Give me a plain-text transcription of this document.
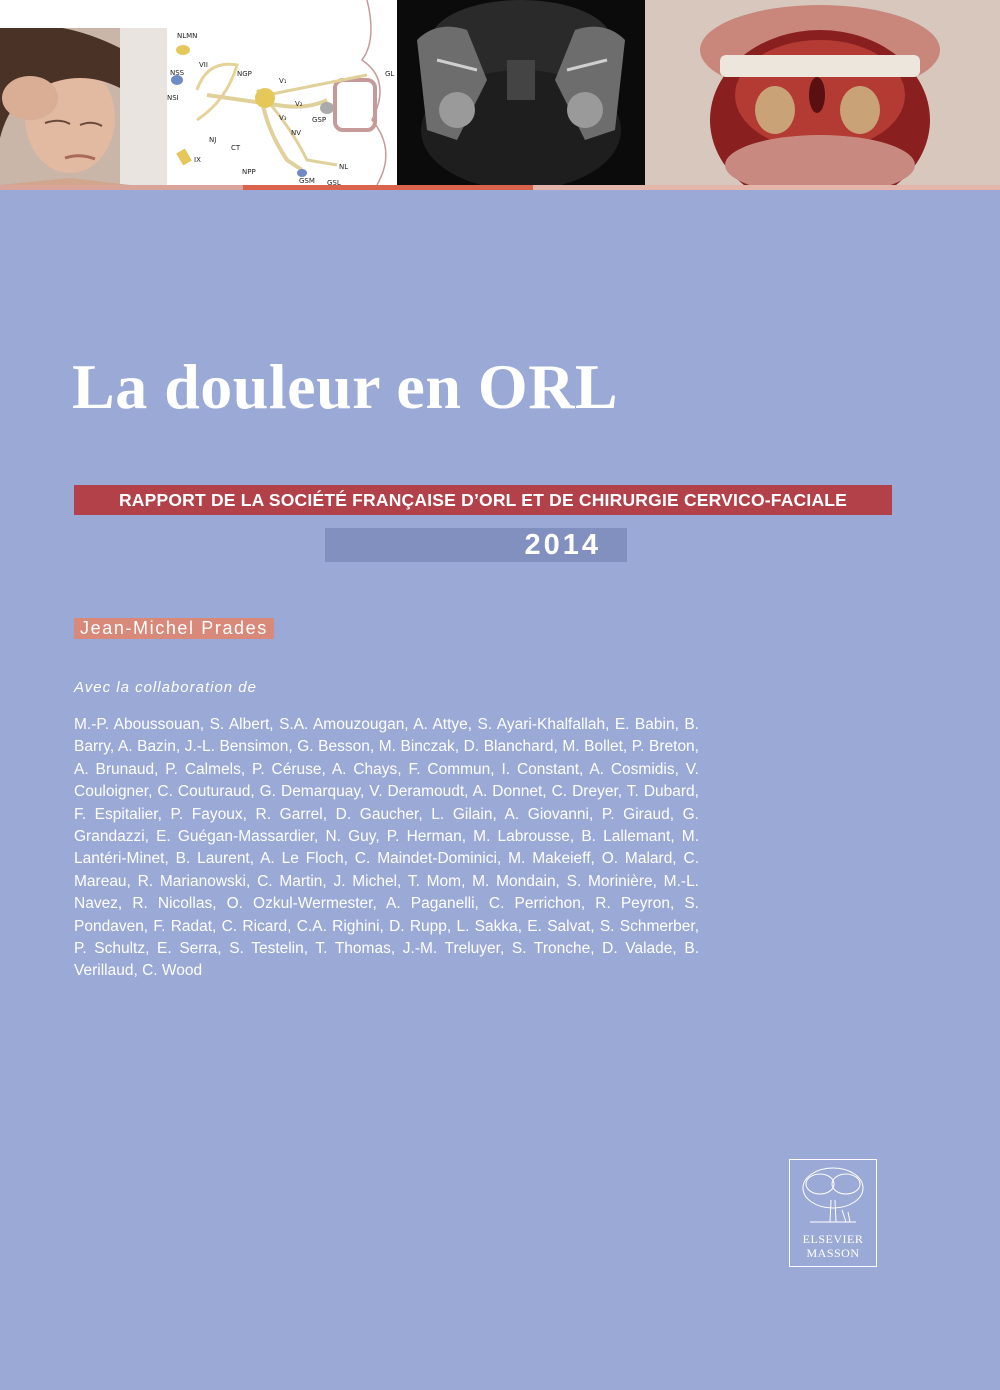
NLMN
NSS
NSI
VII
NGP
V₁
V₂
V₃
GL
GSP
NJ
CT
NV
IX
NPP
NL
GSM GSL
La douleur en ORL
RAPPORT DE LA SOCIÉTÉ FRANÇAISE D’ORL ET DE CHIRURGIE CERVICO-FACIALE
2014
Jean-Michel Prades

Avec la collaboration de

M.-P. Aboussouan, S. Albert, S.A. Amouzougan, A. Attye, S. Ayari-Khalfallah, E. Babin, B. Barry, A. Bazin, J.-L. Bensimon, G. Besson, M. Binczak, D. Blanchard, M. Bollet, P. Breton, A. Brunaud, P. Calmels, P. Céruse, A. Chays, F. Commun, I. Constant, A. Cosmidis, V. Couloigner, C. Couturaud, G. Demarquay, V. Deramoudt, A. Donnet, C. Dreyer, T. Dubard, F. Espitalier, P. Fayoux, R. Garrel, D. Gaucher, L. Gilain, A. Giovanni, P. Giraud, G. Grandazzi, E. Guégan-Massardier, N. Guy, P. Herman, M. Labrousse, B. Lallemant, M. Lantéri-Minet, B. Laurent, A. Le Floch, C. Maindet-Dominici, M. Makeieff, O. Malard, C. Mareau, R. Marianowski, C. Martin, J. Michel, T. Mom, M. Mondain, S. Morinière, M.-L. Navez, R. Nicollas, O. Ozkul-Wermester, A. Paganelli, C. Perrichon, R. Peyron, S. Pondaven, F. Radat, C. Ricard, C.A. Righini, D. Rupp, L. Sakka, E. Salvat, S. Schmerber, P. Schultz, E. Serra, S. Testelin, T. Thomas, J.-M. Treluyer, S. Tronche, D. Valade, B. Verillaud, C. Wood

ELSEVIER
MASSON
